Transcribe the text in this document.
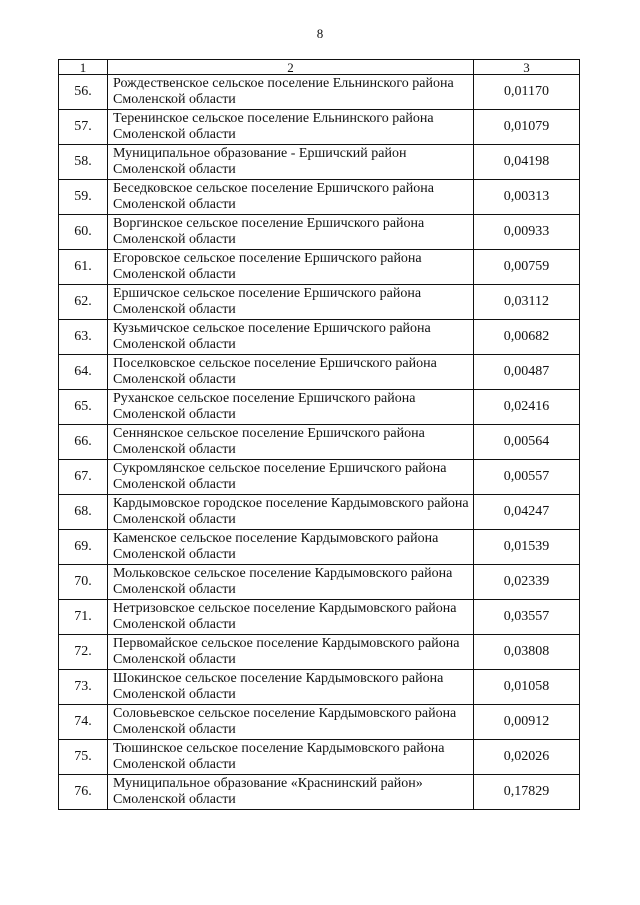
8
1	2	3
56.	Рождественское сельское поселение Ельнинского района Смоленской области	0,01170
57.	Теренинское сельское поселение Ельнинского района Смоленской области	0,01079
58.	Муниципальное образование - Ершичский район Смоленской области	0,04198
59.	Беседковское сельское поселение Ершичского района Смоленской области	0,00313
60.	Воргинское сельское поселение Ершичского района Смоленской области	0,00933
61.	Егоровское сельское поселение Ершичского района Смоленской области	0,00759
62.	Ершичское сельское поселение Ершичского района Смоленской области	0,03112
63.	Кузьмичское сельское поселение Ершичского района Смоленской области	0,00682
64.	Поселковское сельское поселение Ершичского района Смоленской области	0,00487
65.	Руханское сельское поселение Ершичского района Смоленской области	0,02416
66.	Сеннянское сельское поселение Ершичского района Смоленской области	0,00564
67.	Сукромлянское сельское поселение Ершичского района Смоленской области	0,00557
68.	Кардымовское городское поселение Кардымовского района Смоленской области	0,04247
69.	Каменское сельское поселение Кардымовского района Смоленской области	0,01539
70.	Мольковское сельское поселение Кардымовского района Смоленской области	0,02339
71.	Нетризовское сельское поселение Кардымовского района Смоленской области	0,03557
72.	Первомайское сельское поселение Кардымовского района Смоленской области	0,03808
73.	Шокинское сельское поселение Кардымовского района Смоленской области	0,01058
74.	Соловьевское сельское поселение Кардымовского района Смоленской области	0,00912
75.	Тюшинское сельское поселение Кардымовского района Смоленской области	0,02026
76.	Муниципальное образование «Краснинский район» Смоленской области	0,17829
